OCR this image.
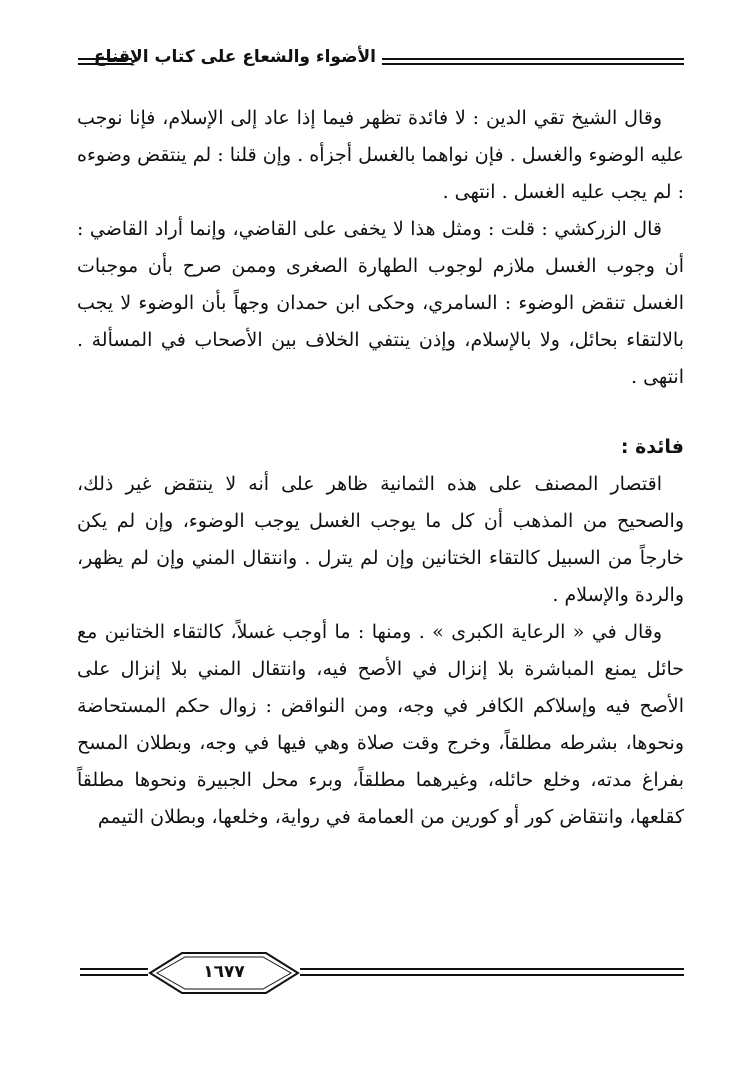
الأضواء والشعاع على كتاب الإقناع

وقال الشيخ تقي الدين : لا فائدة تظهر فيما إذا عاد إلى الإسلام، فإنا نوجب عليه الوضوء والغسل . فإن نواهما بالغسل أجزأه . وإن قلنا : لم ينتقض وضوءه : لم يجب عليه الغسل . انتهى .

قال الزركشي : قلت : ومثل هذا لا يخفى على القاضي، وإنما أراد القاضي : أن وجوب الغسل ملازم لوجوب الطهارة الصغرى وممن صرح بأن موجبات الغسل تنقض الوضوء : السامري، وحكى ابن حمدان وجهاً بأن الوضوء لا يجب بالالتقاء بحائل، ولا بالإسلام، وإذن ينتفي الخلاف بين الأصحاب في المسألة . انتهى .

فائدة :

اقتصار المصنف على هذه الثمانية ظاهر على أنه لا ينتقض غير ذلك، والصحيح من المذهب أن كل ما يوجب الغسل يوجب الوضوء، وإن لم يكن خارجاً من السبيل كالتقاء الختانين وإن لم يترل . وانتقال المني وإن لم يظهر، والردة والإسلام .

وقال في « الرعاية الكبرى » . ومنها : ما أوجب غسلاً، كالتقاء الختانين مع حائل يمنع المباشرة بلا إنزال في الأصح فيه، وانتقال المني بلا إنزال على الأصح فيه وإسلاكم الكافر في وجه، ومن النواقض : زوال حكم المستحاضة ونحوها، بشرطه مطلقاً، وخرج وقت صلاة وهي فيها في وجه، وبطلان المسح بفراغ مدته، وخلع حائله، وغيرهما مطلقاً، وبرء محل الجبيرة ونحوها مطلقاً كقلعها، وانتقاض كور أو كورين من العمامة في رواية، وخلعها، وبطلان التيمم

١٦٧٧
